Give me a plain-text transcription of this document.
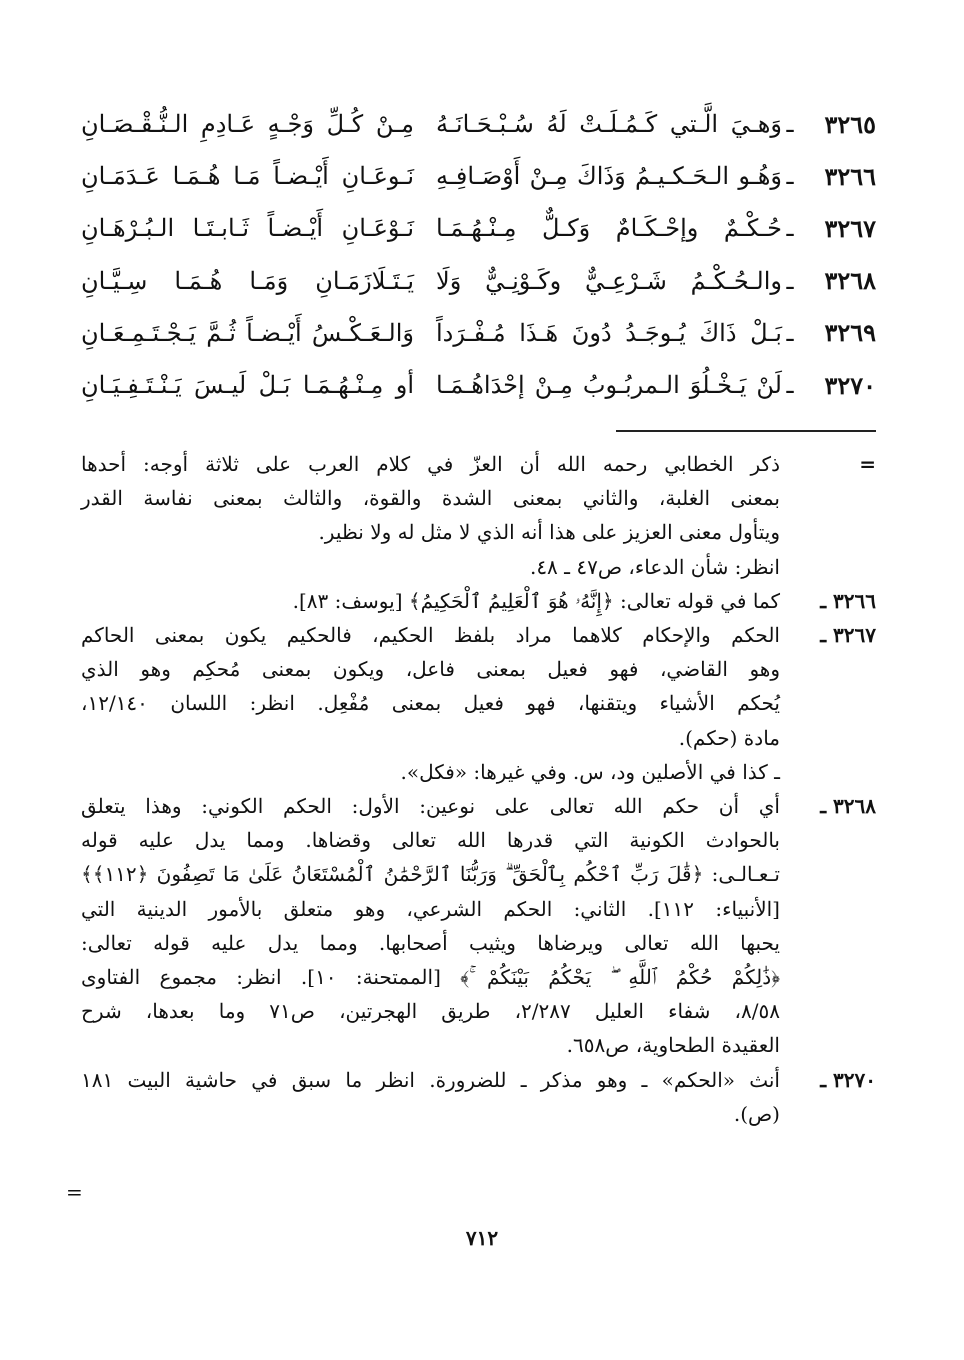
٣٢٦٥
ـ
وَهـيَ الَّـتي كَـمُـلَـتْ لَهُ سُـبْـحَـانَـهُ
مِـنْ كُـلِّ وَجْـهٍ عَـادِمِ الـنُّـقْـصَـانِ
٣٢٦٦
ـ
وَهُـو الـحَـكـيـمُ وَذَاكَ مِـنْ أَوْصَـافِـهِ
نَـوعَـانِ أَيْـضـاً مَـا هُـمَـا عَـدَمَـانِ
٣٢٦٧
ـ
حُـكْـمٌ وإحْـكَـامٌ وَكـلٌّ مِـنْـهُـمَـا
نَـوْعَـانِ أَيْـضـاً ثَـابـتَـا الـبُـرْهَـانِ
٣٢٦٨
ـ
والـحُـكْـمُ شَـرْعِـيٌّ وكَـوْنِـيٌّ وَلَا
يَـتَـلَازَمَـانِ وَمَـا هُـمَـا سِـيَّـانِ
٣٢٦٩
ـ
بَـلْ ذَاكَ يُـوجَـدُ دُونَ هَـذَا مُـفْـرَداً
وَالـعَـكْـسُ أَيْـضـاً ثُـمَّ يَـجْـتَـمِـعَـانِ
٣٢٧٠
ـ
لَنْ يَـخْـلُوَ الـمربُـوبُ مِـنْ إحْدَاهُـمَـا
أو مِـنْـهُـمَـا بَـلْ لَيـسَ يَـنْـتَـفِـيَـانِ
=
ذكر الخطابي رحمه الله أن العزّ في كلام العرب على ثلاثة أوجه: أحدها
بمعنى الغلبة، والثاني بمعنى الشدة والقوة، والثالث بمعنى نفاسة القدر
ويتأول معنى العزيز على هذا أنه الذي لا مثل له ولا نظير.
انظر: شأن الدعاء، ص٤٧ ـ ٤٨.
٣٢٦٦ ـ
كما في قوله تعالى: ﴿إِنَّهُۥ هُوَ ٱلْعَلِيمُ ٱلْحَكِيمُ﴾ [يوسف: ٨٣].
٣٢٦٧ ـ
الحكم والإحكام كلاهما مراد بلفظ الحكيم، فالحكيم يكون بمعنى الحاكم
وهو القاضي، فهو فعيل بمعنى فاعل، ويكون بمعنى مُحكِم وهو الذي
يُحكم الأشياء ويتقنها، فهو فعيل بمعنى مُفْعِل. انظر: اللسان ١٢/١٤٠،
مادة (حكم).
ـ كذا في الأصلين ود، س. وفي غيرها: «فكل».
٣٢٦٨ ـ
أي أن حكم الله تعالى على نوعين: الأول: الحكم الكوني: وهذا يتعلق
بالحوادث الكونية التي قدرها الله تعالى وقضاها. ومما يدل عليه قوله
تـعـالـى: ﴿قَٰلَ رَبِّ ٱحْكُم بِٱلْحَقِّ ۗ وَرَبُّنَا ٱلرَّحْمَٰنُ ٱلْمُسْتَعَانُ عَلَىٰ مَا تَصِفُونَ ﴿١١٢﴾﴾
[الأنبياء: ١١٢]. الثاني: الحكم الشرعي، وهو متعلق بالأمور الدينية التي
يحبها الله تعالى ويرضاها ويثيب أصحابها. ومما يدل عليه قوله تعالى:
﴿ذَٰلِكُمْ حُكْمُ ٱللَّهِ ۖ يَحْكُمُ بَيْنَكُمْ ۚ﴾ [الممتحنة: ١٠]. انظر: مجموع الفتاوى
٨/٥٨، شفاء العليل ٢/٢٨٧، طريق الهجرتين، ص٧١ وما بعدها، شرح
العقيدة الطحاوية، ص٦٥٨.
٣٢٧٠ ـ
أنث «الحكم» ـ وهو مذكر ـ للضرورة. انظر ما سبق في حاشية البيت ١٨١
(ص).
=
٧١٢
